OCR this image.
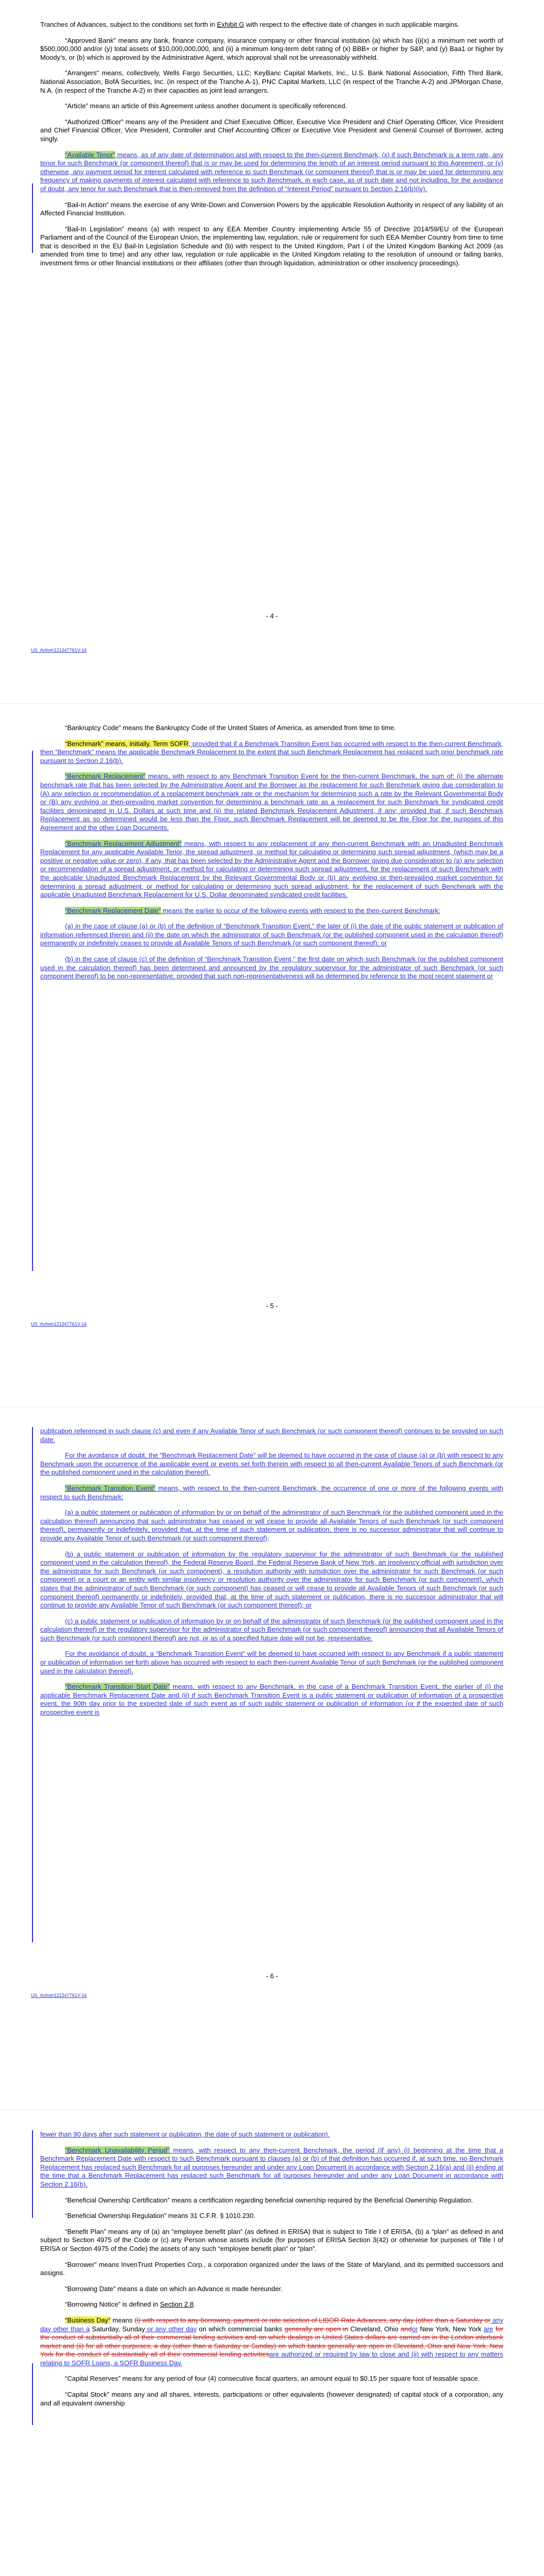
Tranches of Advances, subject to the conditions set forth in Exhibit G with respect to the effective date of changes in such applicable margins.

“Approved Bank” means any bank, finance company, insurance company or other financial institution (a) which has (i)(x) a minimum net worth of $500,000,000 and/or (y) total assets of $10,000,000,000, and (ii) a minimum long-term debt rating of (x) BBB+ or higher by S&P, and (y) Baa1 or higher by Moody’s, or (b) which is approved by the Administrative Agent, which approval shall not be unreasonably withheld.

“Arrangers” means, collectively, Wells Fargo Securities, LLC; KeyBanc Capital Markets, Inc., U.S. Bank National Association, Fifth Third Bank, National Association, BofA Securities, Inc. (in respect of the Tranche A-1), PNC Capital Markets, LLC (in respect of the Tranche A-2) and JPMorgan Chase, N.A. (in respect of the Tranche A-2) in their capacities as joint lead arrangers.

“Article” means an article of this Agreement unless another document is specifically referenced.

“Authorized Officer” means any of the President and Chief Executive Officer, Executive Vice President and Chief Operating Officer, Vice President and Chief Financial Officer, Vice President, Controller and Chief Accounting Officer or Executive Vice President and General Counsel of Borrower, acting singly.

“Available Tenor” means, as of any date of determination and with respect to the then-current Benchmark, (x) if such Benchmark is a term rate, any tenor for such Benchmark (or component thereof) that is or may be used for determining the length of an interest period pursuant to this Agreement, or (y) otherwise, any payment period for interest calculated with reference to such Benchmark (or component thereof) that is or may be used for determining any frequency of making payments of interest calculated with reference to such Benchmark, in each case, as of such date and not including, for the avoidance of doubt, any tenor for such Benchmark that is then-removed from the definition of “Interest Period” pursuant to Section 2.16(b)(iv).

“Bail-In Action” means the exercise of any Write-Down and Conversion Powers by the applicable Resolution Authority in respect of any liability of an Affected Financial Institution.

“Bail-In Legislation” means (a) with respect to any EEA Member Country implementing Article 55 of Directive 2014/59/EU of the European Parliament and of the Council of the European Union, the implementing law, regulation, rule or requirement for such EEA Member Country from time to time that is described in the EU Bail-In Legislation Schedule and (b) with respect to the United Kingdom, Part I of the United Kingdom Banking Act 2009 (as amended from time to time) and any other law, regulation or rule applicable in the United Kingdom relating to the resolution of unsound or failing banks, investment firms or other financial institutions or their affiliates (other than through liquidation, administration or other insolvency proceedings).

- 4 -
US_Active\121347761V-16

“Bankruptcy Code” means the Bankruptcy Code of the United States of America, as amended from time to time.

“Benchmark” means, initially, Term SOFR; provided that if a Benchmark Transition Event has occurred with respect to the then-current Benchmark, then “Benchmark” means the applicable Benchmark Replacement to the extent that such Benchmark Replacement has replaced such prior benchmark rate pursuant to Section 2.16(b).

“Benchmark Replacement” means, with respect to any Benchmark Transition Event for the then-current Benchmark, the sum of: (i) the alternate benchmark rate that has been selected by the Administrative Agent and the Borrower as the replacement for such Benchmark giving due consideration to (A) any selection or recommendation of a replacement benchmark rate or the mechanism for determining such a rate by the Relevant Governmental Body or (B) any evolving or then-prevailing market convention for determining a benchmark rate as a replacement for such Benchmark for syndicated credit facilities denominated in U.S. Dollars at such time and (ii) the related Benchmark Replacement Adjustment, if any; provided that, if such Benchmark Replacement as so determined would be less than the Floor, such Benchmark Replacement will be deemed to be the Floor for the purposes of this Agreement and the other Loan Documents.

“Benchmark Replacement Adjustment” means, with respect to any replacement of any then-current Benchmark with an Unadjusted Benchmark Replacement for any applicable Available Tenor, the spread adjustment, or method for calculating or determining such spread adjustment, (which may be a positive or negative value or zero), if any, that has been selected by the Administrative Agent and the Borrower giving due consideration to (a) any selection or recommendation of a spread adjustment, or method for calculating or determining such spread adjustment, for the replacement of such Benchmark with the applicable Unadjusted Benchmark Replacement by the Relevant Governmental Body or (b) any evolving or then-prevailing market convention for determining a spread adjustment, or method for calculating or determining such spread adjustment, for the replacement of such Benchmark with the applicable Unadjusted Benchmark Replacement for U.S. Dollar denominated syndicated credit facilities.

“Benchmark Replacement Date” means the earlier to occur of the following events with respect to the then-current Benchmark:

(a) in the case of clause (a) or (b) of the definition of “Benchmark Transition Event,” the later of (i) the date of the public statement or publication of information referenced therein and (ii) the date on which the administrator of such Benchmark (or the published component used in the calculation thereof) permanently or indefinitely ceases to provide all Available Tenors of such Benchmark (or such component thereof); or

(b) in the case of clause (c) of the definition of “Benchmark Transition Event,” the first date on which such Benchmark (or the published component used in the calculation thereof) has been determined and announced by the regulatory supervisor for the administrator of such Benchmark (or such component thereof) to be non-representative; provided that such non-representativeness will be determined by reference to the most recent statement or

- 5 -
US_Active\121347761V-16

publication referenced in such clause (c) and even if any Available Tenor of such Benchmark (or such component thereof) continues to be provided on such date.

For the avoidance of doubt, the “Benchmark Replacement Date” will be deemed to have occurred in the case of clause (a) or (b) with respect to any Benchmark upon the occurrence of the applicable event or events set forth therein with respect to all then-current Available Tenors of such Benchmark (or the published component used in the calculation thereof).

“Benchmark Transition Event” means, with respect to the then-current Benchmark, the occurrence of one or more of the following events with respect to such Benchmark:

(a) a public statement or publication of information by or on behalf of the administrator of such Benchmark (or the published component used in the calculation thereof) announcing that such administrator has ceased or will cease to provide all Available Tenors of such Benchmark (or such component thereof), permanently or indefinitely, provided that, at the time of such statement or publication, there is no successor administrator that will continue to provide any Available Tenor of such Benchmark (or such component thereof);

(b) a public statement or publication of information by the regulatory supervisor for the administrator of such Benchmark (or the published component used in the calculation thereof), the Federal Reserve Board, the Federal Reserve Bank of New York, an insolvency official with jurisdiction over the administrator for such Benchmark (or such component), a resolution authority with jurisdiction over the administrator for such Benchmark (or such component) or a court or an entity with similar insolvency or resolution authority over the administrator for such Benchmark (or such component), which states that the administrator of such Benchmark (or such component) has ceased or will cease to provide all Available Tenors of such Benchmark (or such component thereof) permanently or indefinitely, provided that, at the time of such statement or publication, there is no successor administrator that will continue to provide any Available Tenor of such Benchmark (or such component thereof); or

(c) a public statement or publication of information by or on behalf of the administrator of such Benchmark (or the published component used in the calculation thereof) or the regulatory supervisor for the administrator of such Benchmark (or such component thereof) announcing that all Available Tenors of such Benchmark (or such component thereof) are not, or as of a specified future date will not be, representative.

For the avoidance of doubt, a “Benchmark Transition Event” will be deemed to have occurred with respect to any Benchmark if a public statement or publication of information set forth above has occurred with respect to each then-current Available Tenor of such Benchmark (or the published component used in the calculation thereof).

“Benchmark Transition Start Date” means, with respect to any Benchmark, in the case of a Benchmark Transition Event, the earlier of (i) the applicable Benchmark Replacement Date and (ii) if such Benchmark Transition Event is a public statement or publication of information of a prospective event, the 90th day prior to the expected date of such event as of such public statement or publication of information (or if the expected date of such prospective event is

- 6 -
US_Active\121347761V-16

fewer than 90 days after such statement or publication, the date of such statement or publication).

“Benchmark Unavailability Period” means, with respect to any then-current Benchmark, the period (if any) (i) beginning at the time that a Benchmark Replacement Date with respect to such Benchmark pursuant to clauses (a) or (b) of that definition has occurred if, at such time, no Benchmark Replacement has replaced such Benchmark for all purposes hereunder and under any Loan Document in accordance with Section 2.16(a) and (ii) ending at the time that a Benchmark Replacement has replaced such Benchmark for all purposes hereunder and under any Loan Document in accordance with Section 2.16(b).

“Beneficial Ownership Certification” means a certification regarding beneficial ownership required by the Beneficial Ownership Regulation.

“Beneficial Ownership Regulation” means 31 C.F.R. § 1010.230.

“Benefit Plan” means any of (a) an “employee benefit plan” (as defined in ERISA) that is subject to Title I of ERISA, (b) a “plan” as defined in and subject to Section 4975 of the Code or (c) any Person whose assets include (for purposes of ERISA Section 3(42) or otherwise for purposes of Title I of ERISA or Section 4975 of the Code) the assets of any such “employee benefit plan” or “plan”.

“Borrower” means InvenTrust Properties Corp., a corporation organized under the laws of the State of Maryland, and its permitted successors and assigns.

“Borrowing Date” means a date on which an Advance is made hereunder.

“Borrowing Notice” is defined in Section 2.8.

“Business Day” means (i) with respect to any borrowing, payment or rate selection of LIBOR Rate Advances, any day (other than a Saturday or any day other than a Saturday, Sunday or any other day on which commercial banks generally are open in Cleveland, Ohio andor New York, New York are for the conduct of substantially all of their commercial lending activities and on which dealings in United States dollars are carried on in the London interbank market and (ii) for all other purposes, a day (other than a Saturday or Sunday) on which banks generally are open in Cleveland, Ohio and New York, New York for the conduct of substantially all of their commercial lending activitiesare authorized or required by law to close and (ii) with respect to any matters relating to SOFR Loans, a SOFR Business Day.

“Capital Reserves” means for any period of four (4) consecutive fiscal quarters, an amount equal to $0.15 per square foot of leasable space.

“Capital Stock” means any and all shares, interests, participations or other equivalents (however designated) of capital stock of a corporation, any and all equivalent ownership
